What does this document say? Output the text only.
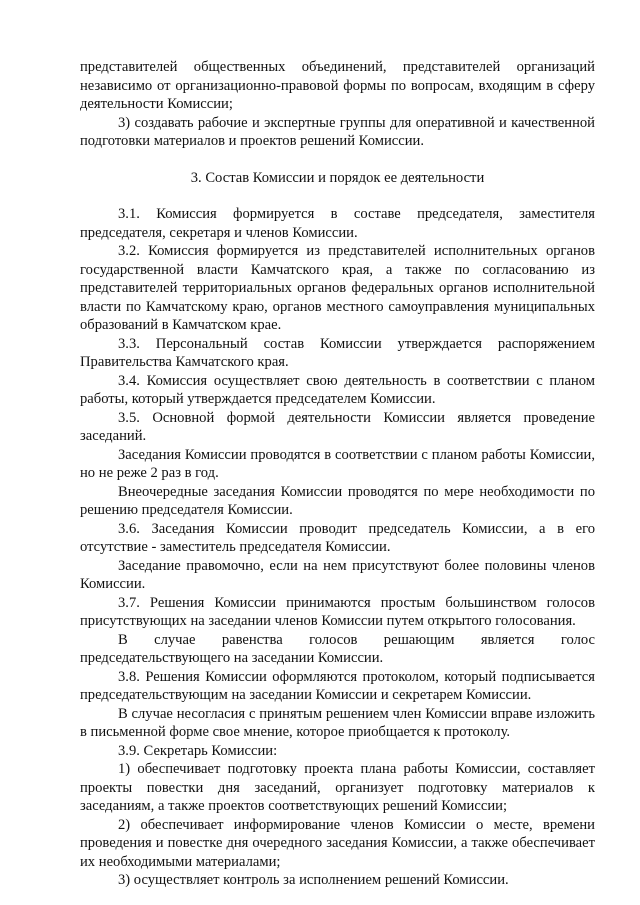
представителей общественных объединений, представителей организаций независимо от организационно-правовой формы по вопросам, входящим в сферу деятельности Комиссии;

3) создавать рабочие и экспертные группы для оперативной и качественной подготовки материалов и проектов решений Комиссии.

3. Состав Комиссии и порядок ее деятельности

3.1. Комиссия формируется в составе председателя, заместителя председателя, секретаря и членов Комиссии.

3.2. Комиссия формируется из представителей исполнительных органов государственной власти Камчатского края, а также по согласованию из представителей территориальных органов федеральных органов исполнительной власти по Камчатскому краю, органов местного самоуправления муниципальных образований в Камчатском крае.

3.3. Персональный состав Комиссии утверждается распоряжением Правительства Камчатского края.

3.4. Комиссия осуществляет свою деятельность в соответствии с планом работы, который утверждается председателем Комиссии.

3.5. Основной формой деятельности Комиссии является проведение заседаний.

Заседания Комиссии проводятся в соответствии с планом работы Комиссии, но не реже 2 раз в год.

Внеочередные заседания Комиссии проводятся по мере необходимости по решению председателя Комиссии.

3.6. Заседания Комиссии проводит председатель Комиссии, а в его отсутствие - заместитель председателя Комиссии.

Заседание правомочно, если на нем присутствуют более половины членов Комиссии.

3.7. Решения Комиссии принимаются простым большинством голосов присутствующих на заседании членов Комиссии путем открытого голосования.

В случае равенства голосов решающим является голос председательствующего на заседании Комиссии.

3.8. Решения Комиссии оформляются протоколом, который подписывается председательствующим на заседании Комиссии и секретарем Комиссии.

В случае несогласия с принятым решением член Комиссии вправе изложить в письменной форме свое мнение, которое приобщается к протоколу.

3.9. Секретарь Комиссии:

1) обеспечивает подготовку проекта плана работы Комиссии, составляет проекты повестки дня заседаний, организует подготовку материалов к заседаниям, а также проектов соответствующих решений Комиссии;

2) обеспечивает информирование членов Комиссии о месте, времени проведения и повестке дня очередного заседания Комиссии, а также обеспечивает их необходимыми материалами;

3) осуществляет контроль за исполнением решений Комиссии.
